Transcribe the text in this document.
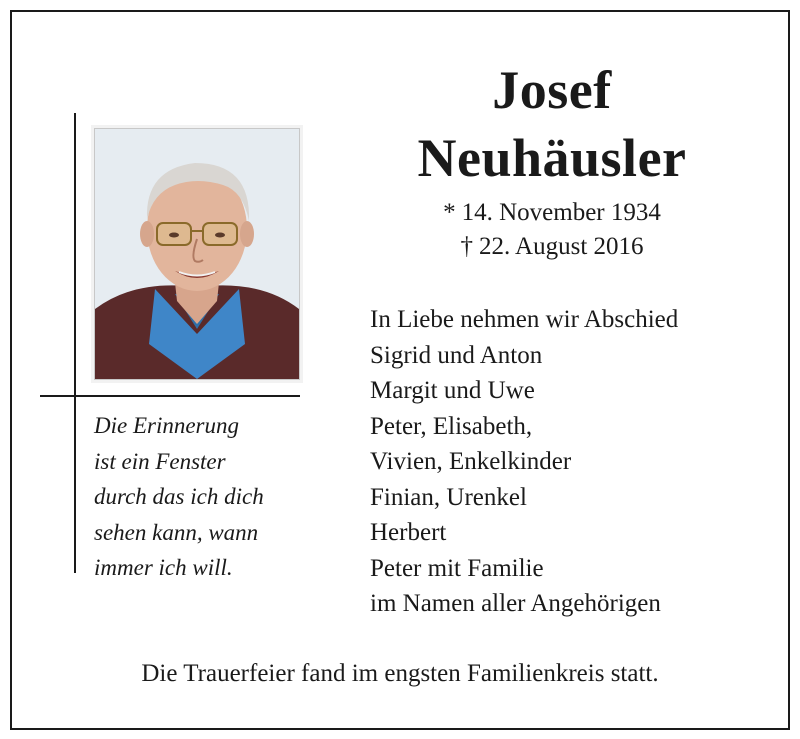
Josef
Neuhäusler
* 14. November 1934
† 22. August 2016
Die Erinnerung
ist ein Fenster
durch das ich dich
sehen kann, wann
immer ich will.
In Liebe nehmen wir Abschied
Sigrid und Anton
Margit und Uwe
Peter, Elisabeth,
Vivien, Enkelkinder
Finian, Urenkel
Herbert
Peter mit Familie
im Namen aller Angehörigen
Die Trauerfeier fand im engsten Familienkreis statt.
